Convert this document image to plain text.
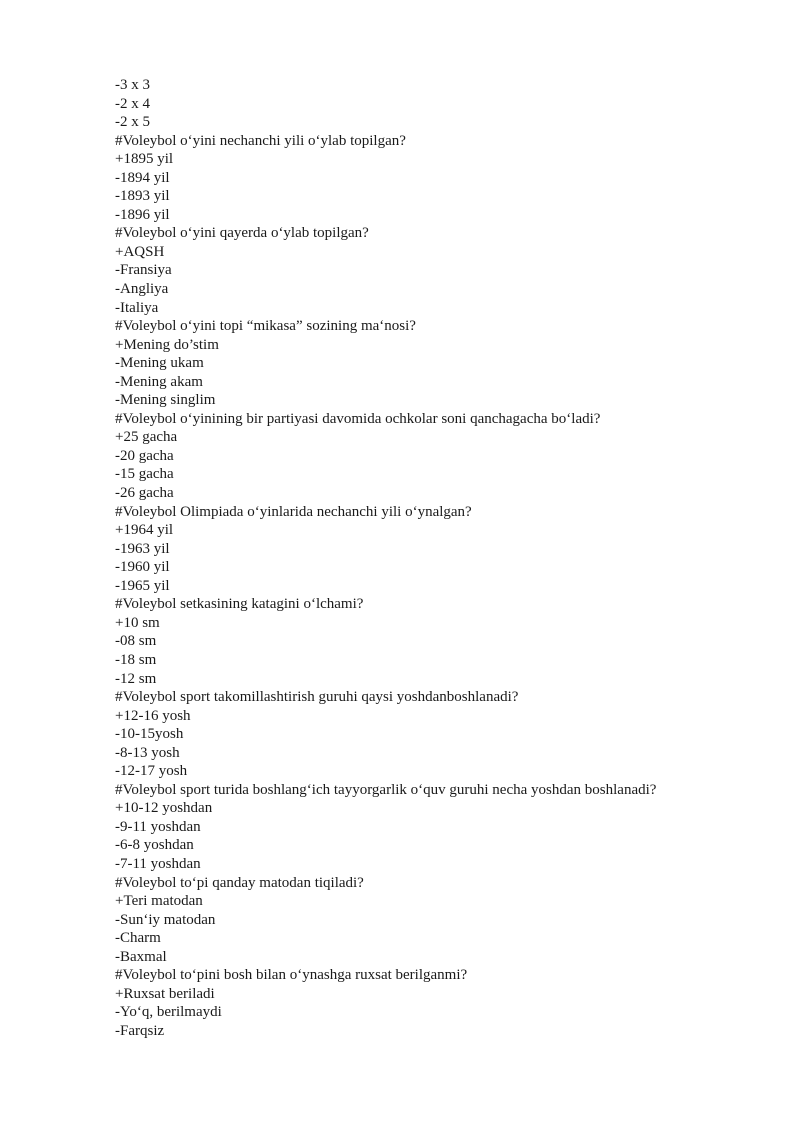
-3 x 3

-2 x 4

-2 x 5

#Voleybol o‘yini nechanchi yili o‘ylab topilgan?

+1895 yil

-1894 yil

-1893 yil

-1896 yil

#Voleybol o‘yini qayerda o‘ylab topilgan?

+AQSH

-Fransiya

-Angliya

-Italiya

#Voleybol o‘yini topi “mikasa” sozining ma‘nosi?

+Mening do’stim

-Mening ukam

-Mening akam

-Mening singlim

#Voleybol o‘yinining bir partiyasi davomida ochkolar soni qanchagacha bo‘ladi?

+25 gacha

-20 gacha

-15 gacha

-26 gacha

#Voleybol Olimpiada o‘yinlarida nechanchi yili o‘ynalgan?

+1964 yil

-1963 yil

-1960 yil

-1965 yil

#Voleybol setkasining katagini o‘lchami?

+10 sm

-08 sm

-18 sm

-12 sm

#Voleybol sport takomillashtirish guruhi qaysi yoshdanboshlanadi?

+12-16 yosh

-10-15yosh

-8-13 yosh

-12-17 yosh

#Voleybol sport turida boshlang‘ich tayyorgarlik o‘quv guruhi necha yoshdan boshlanadi?

+10-12 yoshdan

-9-11 yoshdan

-6-8 yoshdan

-7-11 yoshdan

#Voleybol to‘pi qanday matodan tiqiladi?

+Teri matodan

-Sun‘iy matodan

-Charm

-Baxmal

#Voleybol to‘pini bosh bilan o‘ynashga ruxsat berilganmi?

+Ruxsat beriladi

-Yo‘q, berilmaydi

-Farqsiz
